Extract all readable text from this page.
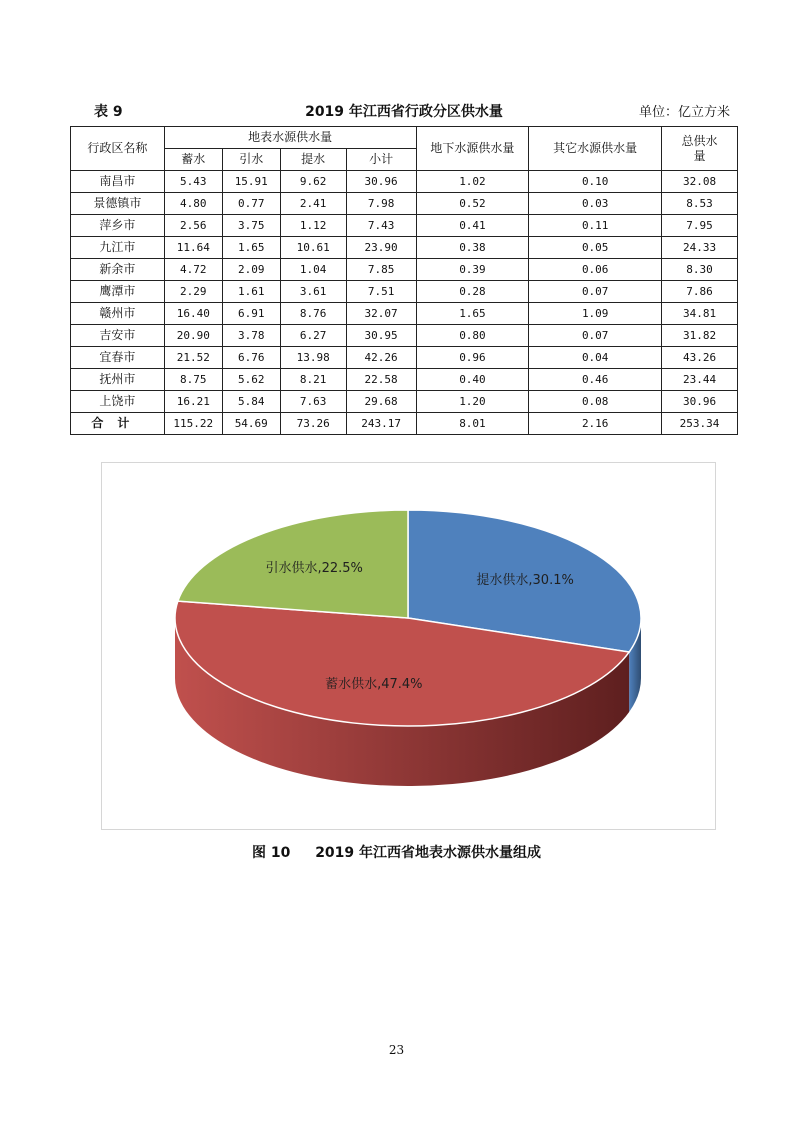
2019 年江西省行政分区供水量
表 9	单位：亿立方米
行政区名称	地表水源供水量				地下水源供水量	其它水源供水量	总供水
量

	蓄水	引水	提水	小计			
南昌市	5.43	15.91	9.62	30.96	1.02	0.10	32.08
景德镇市	4.80	0.77	2.41	7.98	0.52	0.03	8.53
萍乡市	2.56	3.75	1.12	7.43	0.41	0.11	7.95
九江市	11.64	1.65	10.61	23.90	0.38	0.05	24.33
新余市	4.72	2.09	1.04	7.85	0.39	0.06	8.30
鹰潭市	2.29	1.61	3.61	7.51	0.28	0.07	7.86
赣州市	16.40	6.91	8.76	32.07	1.65	1.09	34.81
吉安市	20.90	3.78	6.27	30.95	0.80	0.07	31.82
宜春市	21.52	6.76	13.98	42.26	0.96	0.04	43.26
抚州市	8.75	5.62	8.21	22.58	0.40	0.46	23.44
上饶市	16.21	5.84	7.63	29.68	1.20	0.08	30.96
合计	115.22	54.69	73.26	243.17	8.01	2.16	253.34
提水供水,30.1%
蓄水供水,47.4%
引水供水,22.5%
图 10 2019 年江西省地表水源供水量组成
23
